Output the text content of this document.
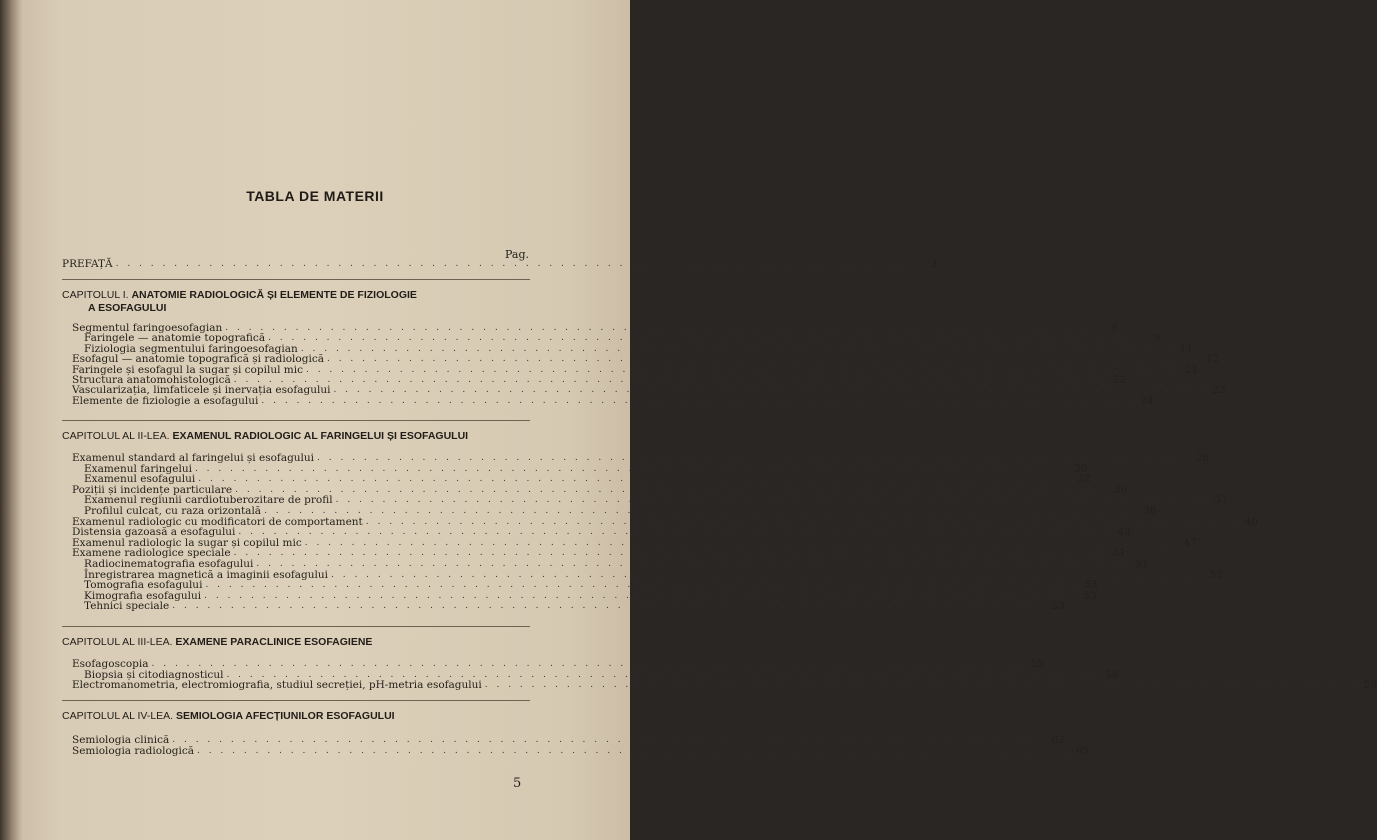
TABLA DE MATERII
Pag.
PREFAȚĂ . . . . . . . . . . . . . . . . . . . . . . . . . . . . . . . . . . . . . . . . . . . . . . . . . . . . . . . . . . . . . . . . . . . . .	3
CAPITOLUL I. ANATOMIE RADIOLOGICĂ ȘI ELEMENTE DE FIZIOLOGIE
A ESOFAGULUI
Segmentul faringoesofagian . . . . . . . . . . . . . . . . . . . . . . . . . . . . . . . . . . . . . . . . . . . . . . . . . . . . . . . . . . . . . . . . . . . . . . . . . . .	9
Faringele — anatomie topografică . . . . . . . . . . . . . . . . . . . . . . . . . . . . . . . . . . . . . . . . . . . . . . . . . . . . . . . . . . . . . . . . . . . . . . . . . . .	9
Fiziologia segmentului faringoesofagian . . . . . . . . . . . . . . . . . . . . . . . . . . . . . . . . . . . . . . . . . . . . . . . . . . . . . . . . . . . . . . . . . . . . . . . . . . . 11
Esofagul — anatomie topografică și radiologică . . . . . . . . . . . . . . . . . . . . . . . . . . . . . . . . . . . . . . . . . . . . . . . . . . . . . . . . . . . . . . . . . . . . . . . . . . . 12
Faringele și esofagul la sugar și copilul mic . . . . . . . . . . . . . . . . . . . . . . . . . . . . . . . . . . . . . . . . . . . . . . . . . . . . . . . . . . . . . . . . . . . . . . . . . . . 21
Structura anatomohistologică . . . . . . . . . . . . . . . . . . . . . . . . . . . . . . . . . . . . . . . . . . . . . . . . . . . . . . . . . . . . . . . . . . . . . . . . . . . 22
Vascularizația, limfaticele și inervația esofagului . . . . . . . . . . . . . . . . . . . . . . . . . . . . . . . . . . . . . . . . . . . . . . . . . . . . . . . . . . . . . . . . . . . . . . . . . . . 23
Elemente de fiziologie a esofagului . . . . . . . . . . . . . . . . . . . . . . . . . . . . . . . . . . . . . . . . . . . . . . . . . . . . . . . . . . . . . . . . . . . . . . . . . . . 24
CAPITOLUL AL II-LEA. EXAMENUL RADIOLOGIC AL FARINGELUI ȘI ESOFAGULUI
Examenul standard al faringelui și esofagului . . . . . . . . . . . . . . . . . . . . . . . . . . . . . . . . . . . . . . . . . . . . . . . . . . . . . . . . . . . . . . . . . . . . . . . . . . . 28
Examenul faringelui . . . . . . . . . . . . . . . . . . . . . . . . . . . . . . . . . . . . . . . . . . . . . . . . . . . . . . . . . . . . . . . . . . . . . . . . . . . 30
Examenul esofagului . . . . . . . . . . . . . . . . . . . . . . . . . . . . . . . . . . . . . . . . . . . . . . . . . . . . . . . . . . . . . . . . . . . . . . . . . . . 32
Poziții și incidențe particulare . . . . . . . . . . . . . . . . . . . . . . . . . . . . . . . . . . . . . . . . . . . . . . . . . . . . . . . . . . . . . . . . . . . . . . . . . . . 36
Examenul regiunii cardiotuberozitare de profil . . . . . . . . . . . . . . . . . . . . . . . . . . . . . . . . . . . . . . . . . . . . . . . . . . . . . . . . . . . . . . . . . . . . . . . . . . . 37
Profilul culcat, cu raza orizontală . . . . . . . . . . . . . . . . . . . . . . . . . . . . . . . . . . . . . . . . . . . . . . . . . . . . . . . . . . . . . . . . . . . . . . . . . . . 38
Examenul radiologic cu modificatori de comportament . . . . . . . . . . . . . . . . . . . . . . . . . . . . . . . . . . . . . . . . . . . . . . . . . . . . . . . . . . . . . . . . . . . . . . . . . . . 40
Distensia gazoasă a esofagului . . . . . . . . . . . . . . . . . . . . . . . . . . . . . . . . . . . . . . . . . . . . . . . . . . . . . . . . . . . . . . . . . . . . . . . . . . . 43
Examenul radiologic la sugar și copilul mic . . . . . . . . . . . . . . . . . . . . . . . . . . . . . . . . . . . . . . . . . . . . . . . . . . . . . . . . . . . . . . . . . . . . . . . . . . . 47
Examene radiologice speciale . . . . . . . . . . . . . . . . . . . . . . . . . . . . . . . . . . . . . . . . . . . . . . . . . . . . . . . . . . . . . . . . . . . . . . . . . . . 51
Radiocinematografia esofagului . . . . . . . . . . . . . . . . . . . . . . . . . . . . . . . . . . . . . . . . . . . . . . . . . . . . . . . . . . . . . . . . . . . . . . . . . . . 51
Înregistrarea magnetică a imaginii esofagului . . . . . . . . . . . . . . . . . . . . . . . . . . . . . . . . . . . . . . . . . . . . . . . . . . . . . . . . . . . . . . . . . . . . . . . . . . . 52
Tomografia esofagului . . . . . . . . . . . . . . . . . . . . . . . . . . . . . . . . . . . . . . . . . . . . . . . . . . . . . . . . . . . . . . . . . . . . . . . . . . . 53
Kimografia esofagului . . . . . . . . . . . . . . . . . . . . . . . . . . . . . . . . . . . . . . . . . . . . . . . . . . . . . . . . . . . . . . . . . . . . . . . . . . . 53
Tehnici speciale . . . . . . . . . . . . . . . . . . . . . . . . . . . . . . . . . . . . . . . . . . . . . . . . . . . . . . . . . . . . . . . . . . . . . . . . . . . 53
CAPITOLUL AL III-LEA. EXAMENE PARACLINICE ESOFAGIENE
Esofagoscopia . . . . . . . . . . . . . . . . . . . . . . . . . . . . . . . . . . . . . . . . . . . . . . . . . . . . . . . . . . . . . . . . . . . . . . . . . . . 55
Biopsia și citodiagnosticul . . . . . . . . . . . . . . . . . . . . . . . . . . . . . . . . . . . . . . . . . . . . . . . . . . . . . . . . . . . . . . . . . . . . . . . . . . . 58
Electromanometria, electromiografia, studiul secreției, pH-metria esofagului . . . . . . . . . . . . . . . . . . . . . . . . . . . . . . . . . . . . . . . . . . . . . . . . . . . . . . . . . . . . . . . . . . . . . . . . . . . 59
CAPITOLUL AL IV-LEA. SEMIOLOGIA AFECȚIUNILOR ESOFAGULUI
Semiologia clinică . . . . . . . . . . . . . . . . . . . . . . . . . . . . . . . . . . . . . . . . . . . . . . . . . . . . . . . . . . . . . . . . . . . . . . . . . . . 62
Semiologia radiologică . . . . . . . . . . . . . . . . . . . . . . . . . . . . . . . . . . . . . . . . . . . . . . . . . . . . . . . . . . . . . . . . . . . . . . . . . . . 65
5
